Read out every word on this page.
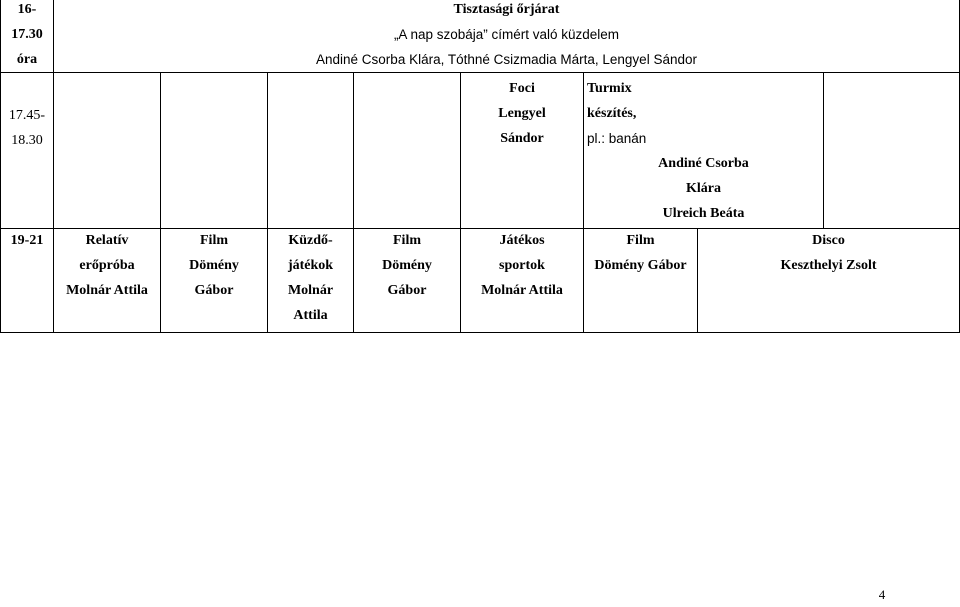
16-
17.30
óra
Tisztasági őrjárat
„A nap szobája” címért való küzdelem
Andiné Csorba Klára, Tóthné Csizmadia Márta, Lengyel Sándor
17.45-
18.30
Foci
Lengyel
Sándor
Turmix
készítés,
pl.: banán
Andiné Csorba
Klára
Ulreich Beáta
19-21	Relatív
erőpróba
Molnár Attila
Film
Dömény
Gábor
Küzdő-
játékok
Molnár
Attila
Film
Dömény
Gábor
Játékos
sportok
Molnár Attila
Film
Dömény Gábor
Disco
Keszthelyi Zsolt
4
